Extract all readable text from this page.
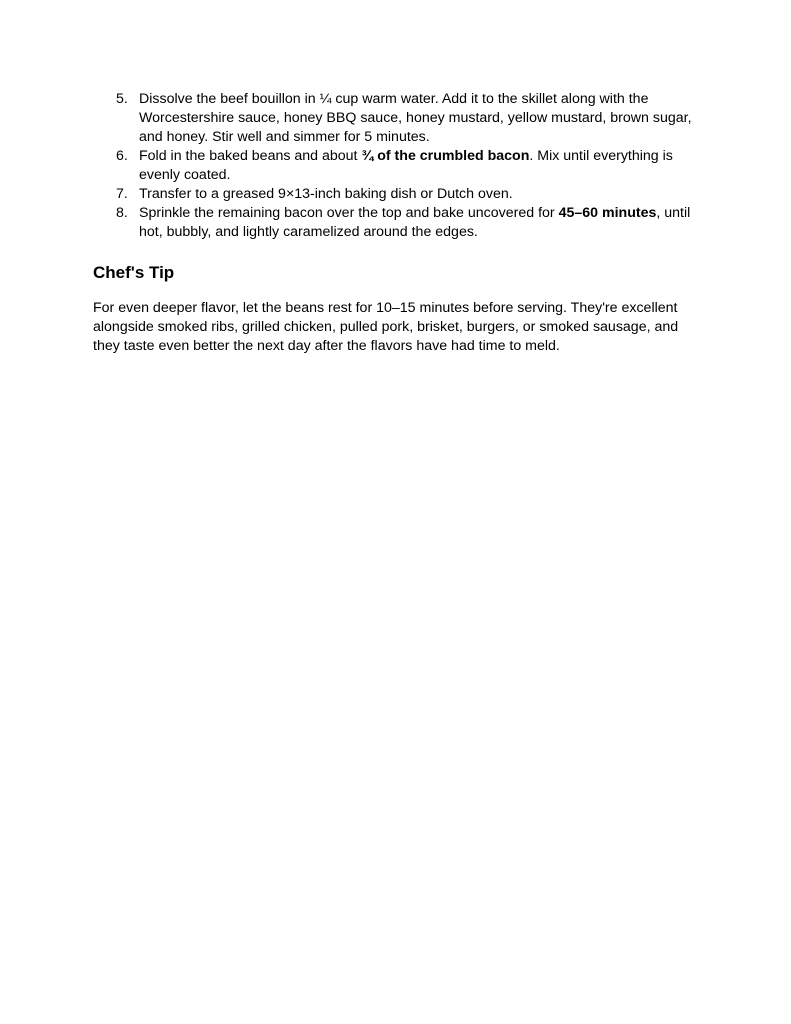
5. Dissolve the beef bouillon in ¼ cup warm water. Add it to the skillet along with the Worcestershire sauce, honey BBQ sauce, honey mustard, yellow mustard, brown sugar, and honey. Stir well and simmer for 5 minutes.
6. Fold in the baked beans and about ¾ of the crumbled bacon. Mix until everything is evenly coated.
7. Transfer to a greased 9×13-inch baking dish or Dutch oven.
8. Sprinkle the remaining bacon over the top and bake uncovered for 45–60 minutes, until hot, bubbly, and lightly caramelized around the edges.
Chef's Tip

For even deeper flavor, let the beans rest for 10–15 minutes before serving. They're excellent alongside smoked ribs, grilled chicken, pulled pork, brisket, burgers, or smoked sausage, and they taste even better the next day after the flavors have had time to meld.
